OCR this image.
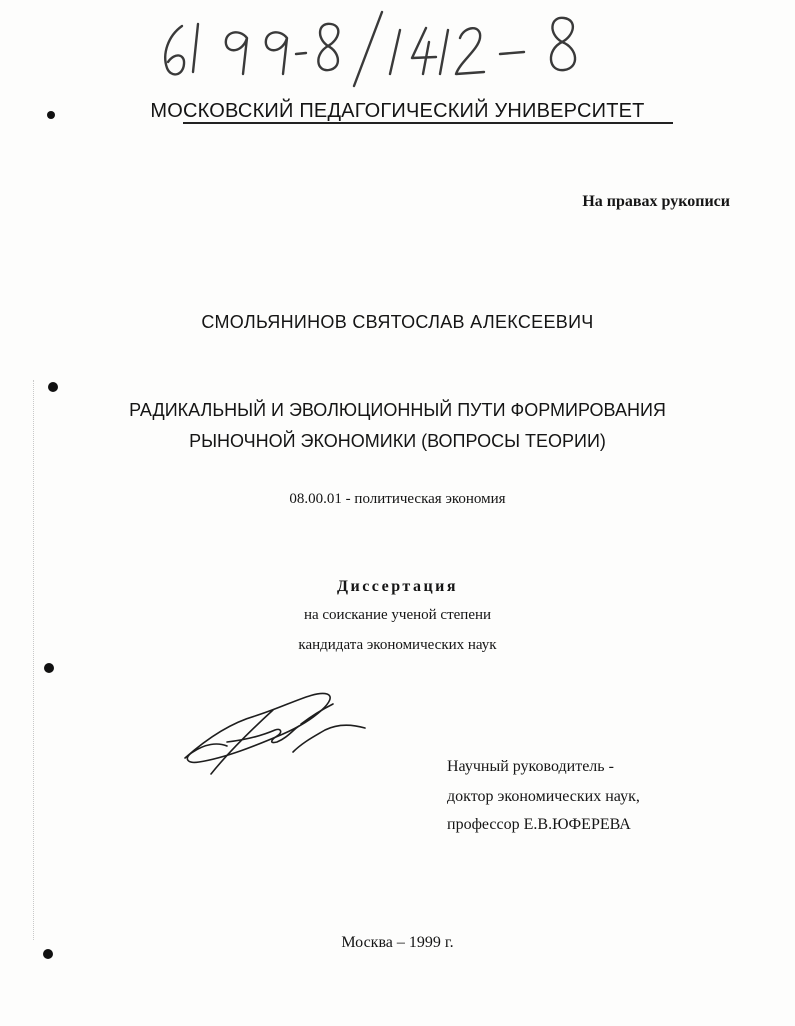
МОСКОВСКИЙ ПЕДАГОГИЧЕСКИЙ УНИВЕРСИТЕТ
На правах рукописи
СМОЛЬЯНИНОВ СВЯТОСЛАВ АЛЕКСЕЕВИЧ
РАДИКАЛЬНЫЙ И ЭВОЛЮЦИОННЫЙ ПУТИ ФОРМИРОВАНИЯ
РЫНОЧНОЙ ЭКОНОМИКИ (ВОПРОСЫ ТЕОРИИ)
08.00.01 - политическая экономия
Диссертация
на соискание ученой степени
кандидата экономических наук
Научный руководитель -
доктор экономических наук,
профессор Е.В.ЮФЕРЕВА
Москва – 1999 г.
